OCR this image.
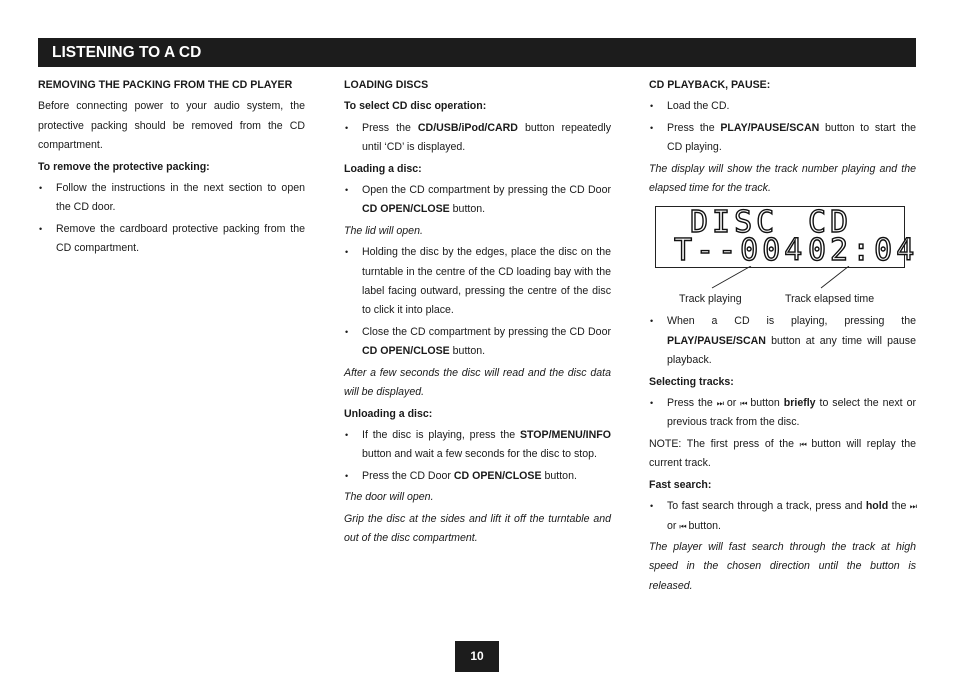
LISTENING TO A CD

REMOVING THE PACKING FROM THE CD PLAYER

Before connecting power to your audio system, the protective packing should be removed from the CD compartment.

To remove the protective packing:

• Follow the instructions in the next section to open the CD door.
• Remove the cardboard protective packing from the CD compartment.

LOADING DISCS

To select CD disc operation:

• Press the CD/USB/iPod/CARD button repeatedly until ‘CD’ is displayed.

Loading a disc:

• Open the CD compartment by pressing the CD Door CD OPEN/CLOSE button.

The lid will open.

• Holding the disc by the edges, place the disc on the turntable in the centre of the CD loading bay with the label facing outward, pressing the centre of the disc to click it into place.
• Close the CD compartment by pressing the CD Door CD OPEN/CLOSE button.

After a few seconds the disc will read and the disc data will be displayed.

Unloading a disc:

• If the disc is playing, press the STOP/MENU/INFO button and wait a few seconds for the disc to stop.
• Press the CD Door CD OPEN/CLOSE button.

The door will open.

Grip the disc at the sides and lift it off the turntable and out of the disc compartment.

CD PLAYBACK, PAUSE:

• Load the CD.
• Press the PLAY/PAUSE/SCAN button to start the CD playing.

The display will show the track number playing and the elapsed time for the track.

DISC CD
T--004 02:04
Track playing	Track elapsed time
• When a CD is playing, pressing the PLAY/PAUSE/SCAN button at any time will pause playback.

Selecting tracks:

• Press the ⏭ or ⏮ button briefly to select the next or previous track from the disc.

NOTE: The first press of the ⏮ button will replay the current track.

Fast search:

• To fast search through a track, press and hold the ⏭ or ⏮ button.

The player will fast search through the track at high speed in the chosen direction until the button is released.

10
